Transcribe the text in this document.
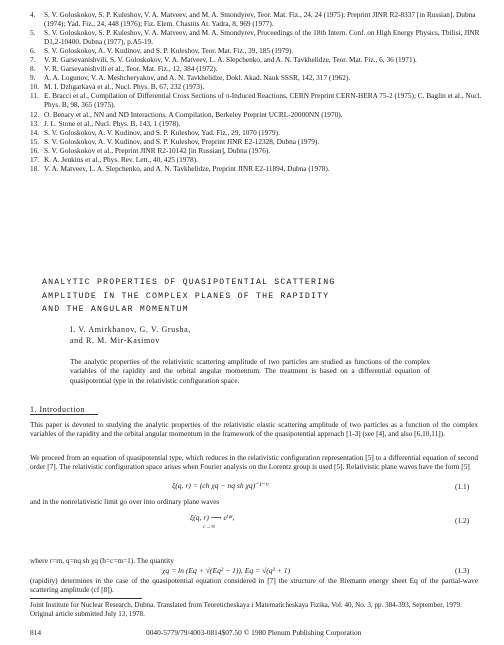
4.	S. V. Goloskokov, S. P. Kuleshov, V. A. Matveev, and M. A. Smondyrev, Teor. Mat. Fiz., 24, 24 (1975); Preprint JINR R2-8337 [in Russian], Dubna (1974); Yad. Fiz., 24, 448 (1976); Fiz. Elem. Chastits At. Yadra, 8, 969 (1977).
5.	S. V. Goloskokov, S. P. Kuleshov, V. A. Matveev, and M. A. Smondyrev, Proceedings of the 18th Intern. Conf. on High Energy Physics, Tbilisi, JINR D1,2-10400, Dubna (1977), p.A5-19.
6.	S. V. Goloskokov, A. V. Kudinov, and S. P. Kuleshov, Teor. Mat. Fiz., 39, 185 (1979).
7.	V. R. Garsevanishvili, S. V. Goloskokov, V. A. Matveev, L. A. Slepchenko, and A. N. Tavkhelidze, Teor. Mat. Fiz., 6, 36 (1971).
8.	V. R. Garsevanishvili et al., Teor. Mat. Fiz., 12, 384 (1972).
9.	A. A. Logunov, V. A. Meshcheryakov, and A. N. Tavkhelidze, Dokl. Akad. Nauk SSSR, 142, 317 (1962).
10. M. I. Dzhgarkava et al., Nucl. Phys. B, 67, 232 (1973).
11. E. Bracci et al., Compilation of Differential Cross Sections of π-Induced Reactions, CERN Preprint CERN-HERA 75-2 (1975); C. Baglin et al., Nucl. Phys. B, 98, 365 (1975).
12. O. Benary et al., NN and ND Interactions. A Compilation, Berkeley Preprint UCRL-20000NN (1970).
13. J. L. Stone et al., Nucl. Phys. B, 143, 1 (1978).
14. S. V. Goloskokov, A. V. Kudinov, and S. P. Kuleshov, Yad. Fiz., 29, 1070 (1979).
15. S. V. Goloskokov, A. V. Kudinov, and S. P. Kuleshov, Preprint JINR E2-12328, Dubna (1979).
16. S. V. Goloskokov et al., Preprint JINR R2-10142 [in Russian], Dubna (1976).
17. K. A. Jenkins et al., Phys. Rev. Lett., 40, 425 (1978).
18. V. A. Matveev, L. A. Slepchenko, and A. N. Tavkhelidze, Preprint JINR E2-11894, Dubna (1978).
ANALYTIC PROPERTIES OF QUASIPOTENTIAL SCATTERING
AMPLITUDE IN THE COMPLEX PLANES OF THE RAPIDITY
AND THE ANGULAR MOMENTUM
I. V. Amirkhanov, G. V. Grusha,
and R. M. Mir-Kasimov
The analytic properties of the relativistic scattering amplitude of two particles are studied as functions of the complex variables of the rapidity and the orbital angular momentum. The treatment is based on a differential equation of quasipotential type in the relativistic configuration space.
1. Introduction
This paper is devoted to studying the analytic properties of the relativistic elastic scattering amplitude of two particles as a function of the complex variables of the rapidity and the orbital angular momentum in the framework of the quasipotential approach [1-3] (see [4], and also [6,10,11]).
We proceed from an equation of quasipotential type, which reduces in the relativistic configuration representation [5] to a differential equation of second order [7]. The relativistic configuration space arises when Fourier analysis on the Lorentz group is used [5]. Relativistic plane waves have the form [5]
ξ(q, r) = (ch χq − nq sh χq)⁻¹⁻ⁱʳ	(1.1)
and in the nonrelativistic limit go over into ordinary plane waves
ξ(q, r) ⟶ eⁱᵠʳ,
c→∞
(1.2)
where r=rn, q=nq sh χq (ħ=c=m=1). The quantity
χq = ln (Eq + √(Eq² − 1)), Eq = √(q² + 1)	(1.3)
(rapidity) determines in the case of the quasipotential equation considered in [7] the structure of the Riemann energy sheet Eq of the partial-wave scattering amplitude (cf [8]).
Joint Institute for Nuclear Research, Dubna. Translated from Teoreticheskaya i Matematicheskaya Fizika, Vol. 40, No. 3, pp. 384-393, September, 1979. Original article submitted July 13, 1978.
814	0040-5779/79/4003-0814$07.50 © 1980 Plenum Publishing Corporation
